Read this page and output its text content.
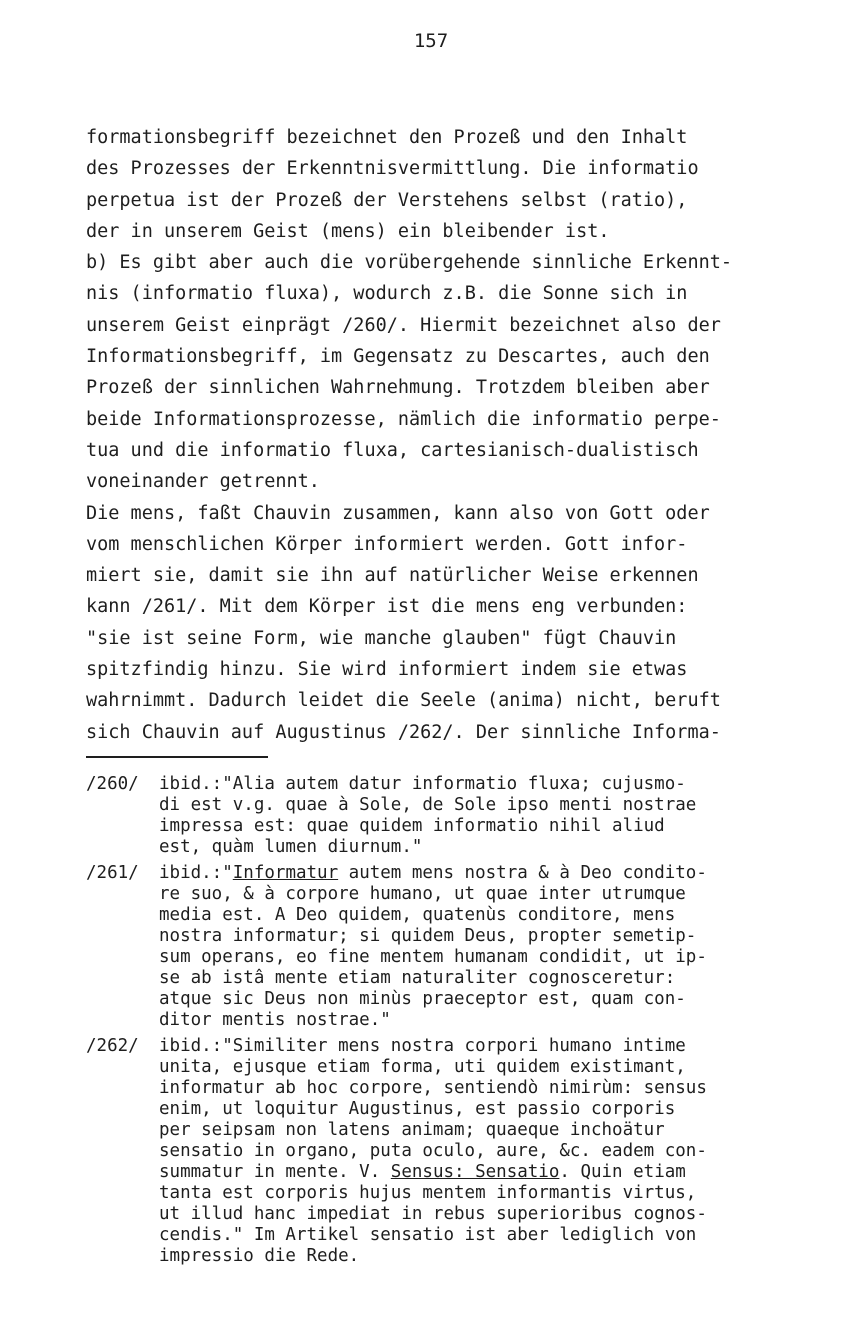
157
formationsbegriff bezeichnet den Prozeß und den Inhalt
des Prozesses der Erkenntnisvermittlung. Die informatio
perpetua ist der Prozeß der Verstehens selbst (ratio),
der in unserem Geist (mens) ein bleibender ist.
b) Es gibt aber auch die vorübergehende sinnliche Erkennt-
nis (informatio fluxa), wodurch z.B. die Sonne sich in
unserem Geist einprägt /260/. Hiermit bezeichnet also der
Informationsbegriff, im Gegensatz zu Descartes, auch den
Prozeß der sinnlichen Wahrnehmung. Trotzdem bleiben aber
beide Informationsprozesse, nämlich die informatio perpe-
tua und die informatio fluxa, cartesianisch-dualistisch
voneinander getrennt.
Die mens, faßt Chauvin zusammen, kann also von Gott oder
vom menschlichen Körper informiert werden. Gott infor-
miert sie, damit sie ihn auf natürlicher Weise erkennen
kann /261/. Mit dem Körper ist die mens eng verbunden:
"sie ist seine Form, wie manche glauben" fügt Chauvin
spitzfindig hinzu. Sie wird informiert indem sie etwas
wahrnimmt. Dadurch leidet die Seele (anima) nicht, beruft
sich Chauvin auf Augustinus /262/. Der sinnliche Informa-
/260/ ibid.:"Alia autem datur informatio fluxa; cujusmo-
di est v.g. quae à Sole, de Sole ipso menti nostrae
impressa est: quae quidem informatio nihil aliud
est, quàm lumen diurnum."
/261/ ibid.:"Informatur autem mens nostra & à Deo condito-
re suo, & à corpore humano, ut quae inter utrumque
media est. A Deo quidem, quatenùs conditore, mens
nostra informatur; si quidem Deus, propter semetip-
sum operans, eo fine mentem humanam condidit, ut ip-
se ab istâ mente etiam naturaliter cognosceretur:
atque sic Deus non minùs praeceptor est, quam con-
ditor mentis nostrae."
/262/ ibid.:"Similiter mens nostra corpori humano intime
unita, ejusque etiam forma, uti quidem existimant,
informatur ab hoc corpore, sentiendò nimirùm: sensus
enim, ut loquitur Augustinus, est passio corporis
per seipsam non latens animam; quaeque inchoätur
sensatio in organo, puta oculo, aure, &c. eadem con-
summatur in mente. V. Sensus: Sensatio. Quin etiam
tanta est corporis hujus mentem informantis virtus,
ut illud hanc impediat in rebus superioribus cognos-
cendis." Im Artikel sensatio ist aber lediglich von
impressio die Rede.
